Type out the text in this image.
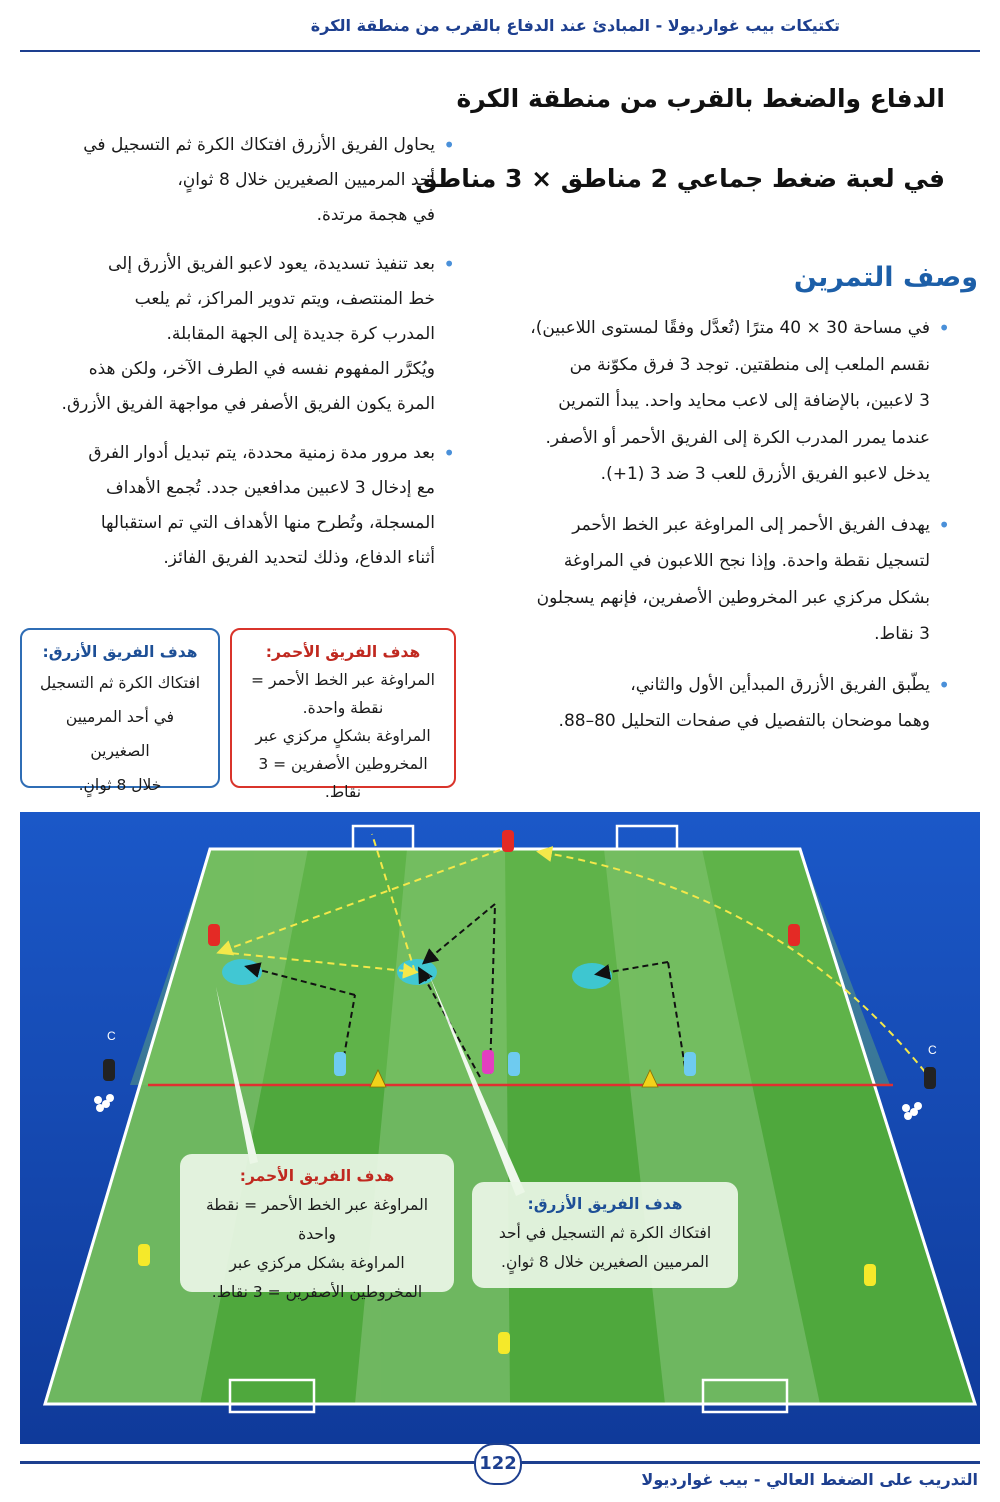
تكتيكات بيب غوارديولا - المبادئ عند الدفاع بالقرب من منطقة الكرة
الدفاع والضغط بالقرب من منطقة الكرة
في لعبة ضغط جماعي 2 مناطق × 3 مناطق
وصف التمرين

• في مساحة 30 × 40 مترًا (تُعدَّل وفقًا لمستوى اللاعبين)،

نقسم الملعب إلى منطقتين. توجد 3 فرق مكوّنة من

3 لاعبين، بالإضافة إلى لاعب محايد واحد. يبدأ التمرين

عندما يمرر المدرب الكرة إلى الفريق الأحمر أو الأصفر.

يدخل لاعبو الفريق الأزرق للعب 3 ضد 3 (1+).

• يهدف الفريق الأحمر إلى المراوغة عبر الخط الأحمر

لتسجيل نقطة واحدة. وإذا نجح اللاعبون في المراوغة

بشكل مركزي عبر المخروطين الأصفرين، فإنهم يسجلون

3 نقاط.

• يطّبق الفريق الأزرق المبدأين الأول والثاني،

وهما موضحان بالتفصيل في صفحات التحليل 80–88.

• يحاول الفريق الأزرق افتكاك الكرة ثم التسجيل في

أحد المرميين الصغيرين خلال 8 ثوانٍ،

في هجمة مرتدة.

• بعد تنفيذ تسديدة، يعود لاعبو الفريق الأزرق إلى

خط المنتصف، ويتم تدوير المراكز، ثم يلعب

المدرب كرة جديدة إلى الجهة المقابلة.

ويُكرَّر المفهوم نفسه في الطرف الآخر، ولكن هذه

المرة يكون الفريق الأصفر في مواجهة الفريق الأزرق.

• بعد مرور مدة زمنية محددة، يتم تبديل أدوار الفرق

مع إدخال 3 لاعبين مدافعين جدد. تُجمع الأهداف

المسجلة، وتُطرح منها الأهداف التي تم استقبالها

أثناء الدفاع، وذلك لتحديد الفريق الفائز.

هدف الفريق الأحمر:
المراوغة عبر الخط الأحمر =
نقطة واحدة.
المراوغة بشكلٍ مركزي عبر
المخروطين الأصفرين = 3 نقاط.
هدف الفريق الأزرق:
افتكاك الكرة ثم التسجيل
في أحد المرميين الصغيرين
خلال 8 ثوانٍ.
C
C
هدف الفريق الأحمر:
المراوغة عبر الخط الأحمر = نقطة واحدة
المراوغة بشكل مركزي عبر
المخروطين الأصفرين = 3 نقاط.
هدف الفريق الأزرق:
افتكاك الكرة ثم التسجيل في أحد
المرميين الصغيرين خلال 8 ثوانٍ.
122
التدريب على الضغط العالي - بيب غوارديولا
